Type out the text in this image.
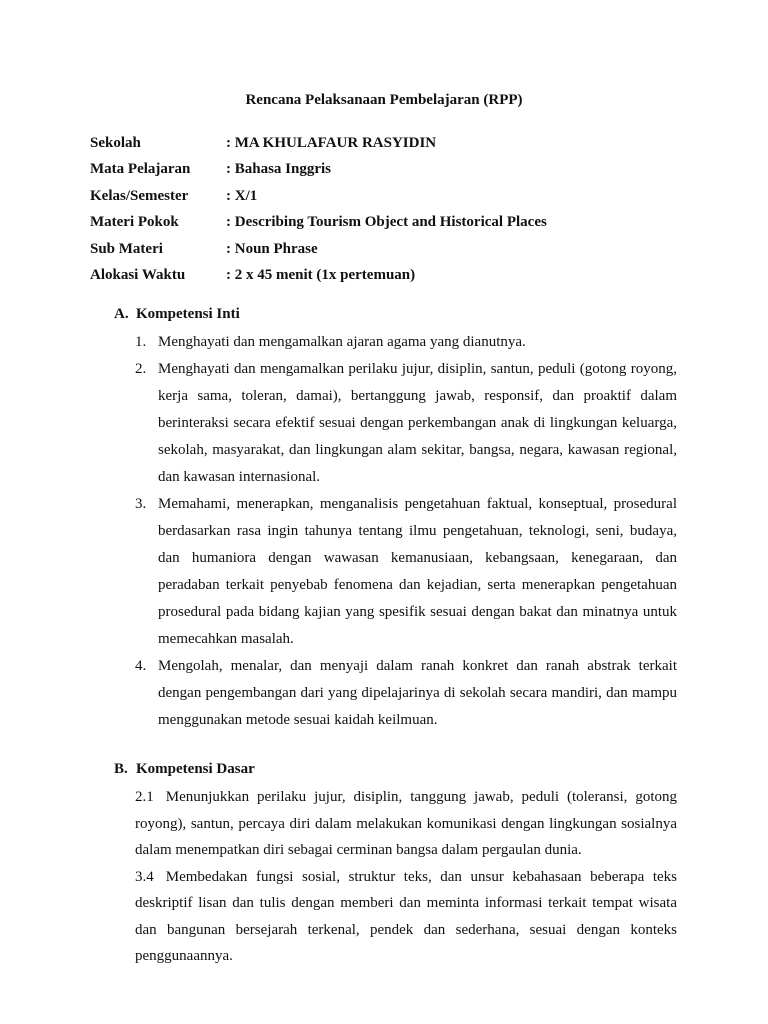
Rencana Pelaksanaan Pembelajaran (RPP)
Sekolah	: MA KHULAFAUR RASYIDIN
Mata Pelajaran : Bahasa Inggris
Kelas/Semester	: X/1
Materi Pokok	: Describing Tourism Object and Historical Places
Sub Materi	: Noun Phrase
Alokasi Waktu	: 2 x 45 menit (1x pertemuan)
A. Kompetensi Inti
1. Menghayati dan mengamalkan ajaran agama yang dianutnya.
2. Menghayati dan mengamalkan perilaku jujur, disiplin, santun, peduli (gotong royong, kerja sama, toleran, damai), bertanggung jawab, responsif, dan proaktif dalam berinteraksi secara efektif sesuai dengan perkembangan anak di lingkungan keluarga, sekolah, masyarakat, dan lingkungan alam sekitar, bangsa, negara, kawasan regional, dan kawasan internasional.
3. Memahami, menerapkan, menganalisis pengetahuan faktual, konseptual, prosedural berdasarkan rasa ingin tahunya tentang ilmu pengetahuan, teknologi, seni, budaya, dan humaniora dengan wawasan kemanusiaan, kebangsaan, kenegaraan, dan peradaban terkait penyebab fenomena dan kejadian, serta menerapkan pengetahuan prosedural pada bidang kajian yang spesifik sesuai dengan bakat dan minatnya untuk memecahkan masalah.
4. Mengolah, menalar, dan menyaji dalam ranah konkret dan ranah abstrak terkait dengan pengembangan dari yang dipelajarinya di sekolah secara mandiri, dan mampu menggunakan metode sesuai kaidah keilmuan.
B. Kompetensi Dasar
2.1 Menunjukkan perilaku jujur, disiplin, tanggung jawab, peduli (toleransi, gotong royong), santun, percaya diri dalam melakukan komunikasi dengan lingkungan sosialnya dalam menempatkan diri sebagai cerminan bangsa dalam pergaulan dunia.
3.4 Membedakan fungsi sosial, struktur teks, dan unsur kebahasaan beberapa teks deskriptif lisan dan tulis dengan memberi dan meminta informasi terkait tempat wisata dan bangunan bersejarah terkenal, pendek dan sederhana, sesuai dengan konteks penggunaannya.
